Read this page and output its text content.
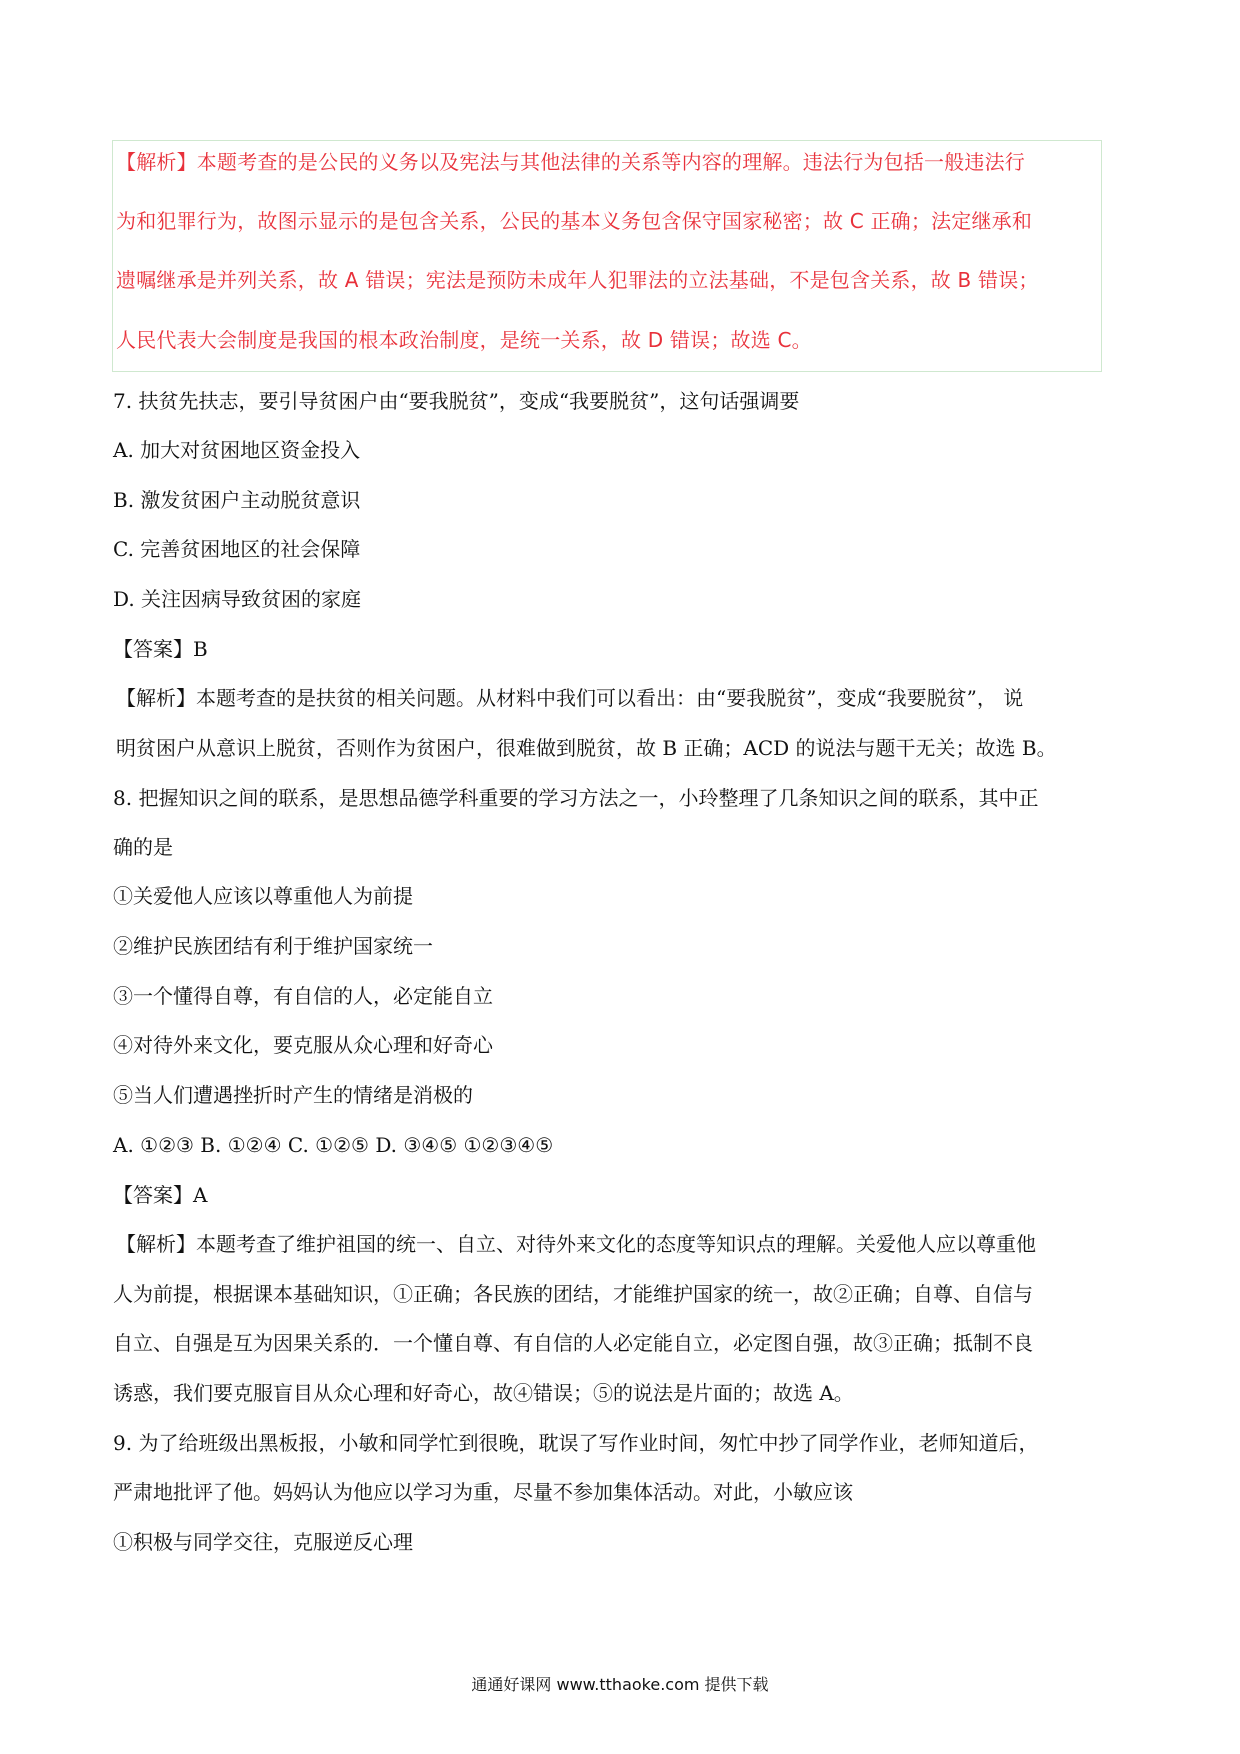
【解析】本题考查的是公民的义务以及宪法与其他法律的关系等内容的理解。违法行为包括一般违法行
为和犯罪行为，故图示显示的是包含关系，公民的基本义务包含保守国家秘密；故 C 正确；法定继承和
遗嘱继承是并列关系，故 A 错误；宪法是预防未成年人犯罪法的立法基础，不是包含关系，故 B 错误；
人民代表大会制度是我国的根本政治制度，是统一关系，故 D 错误；故选 C。
7. 扶贫先扶志，要引导贫困户由“要我脱贫”，变成“我要脱贫”，这句话强调要
A. 加大对贫困地区资金投入
B. 激发贫困户主动脱贫意识
C. 完善贫困地区的社会保障
D. 关注因病导致贫困的家庭
【答案】B
【解析】本题考查的是扶贫的相关问题。从材料中我们可以看出：由“要我脱贫”，变成“我要脱贫”， 说
明贫困户从意识上脱贫，否则作为贫困户，很难做到脱贫，故 B 正确；ACD 的说法与题干无关；故选 B。
8. 把握知识之间的联系，是思想品德学科重要的学习方法之一，小玲整理了几条知识之间的联系，其中正
确的是
①关爱他人应该以尊重他人为前提
②维护民族团结有利于维护国家统一
③一个懂得自尊，有自信的人，必定能自立
④对待外来文化，要克服从众心理和好奇心
⑤当人们遭遇挫折时产生的情绪是消极的
A. ①②③ B. ①②④ C. ①②⑤ D. ③④⑤ ①②③④⑤
【答案】A
【解析】本题考查了维护祖国的统一、自立、对待外来文化的态度等知识点的理解。关爱他人应以尊重他
人为前提，根据课本基础知识，①正确；各民族的团结，才能维护国家的统一，故②正确；自尊、自信与
自立、自强是互为因果关系的．一个懂自尊、有自信的人必定能自立，必定图自强，故③正确；抵制不良
诱惑，我们要克服盲目从众心理和好奇心，故④错误；⑤的说法是片面的；故选 A。
9. 为了给班级出黑板报，小敏和同学忙到很晚，耽误了写作业时间，匆忙中抄了同学作业，老师知道后，
严肃地批评了他。妈妈认为他应以学习为重，尽量不参加集体活动。对此，小敏应该
①积极与同学交往，克服逆反心理
通通好课网 www.tthaoke.com 提供下载
